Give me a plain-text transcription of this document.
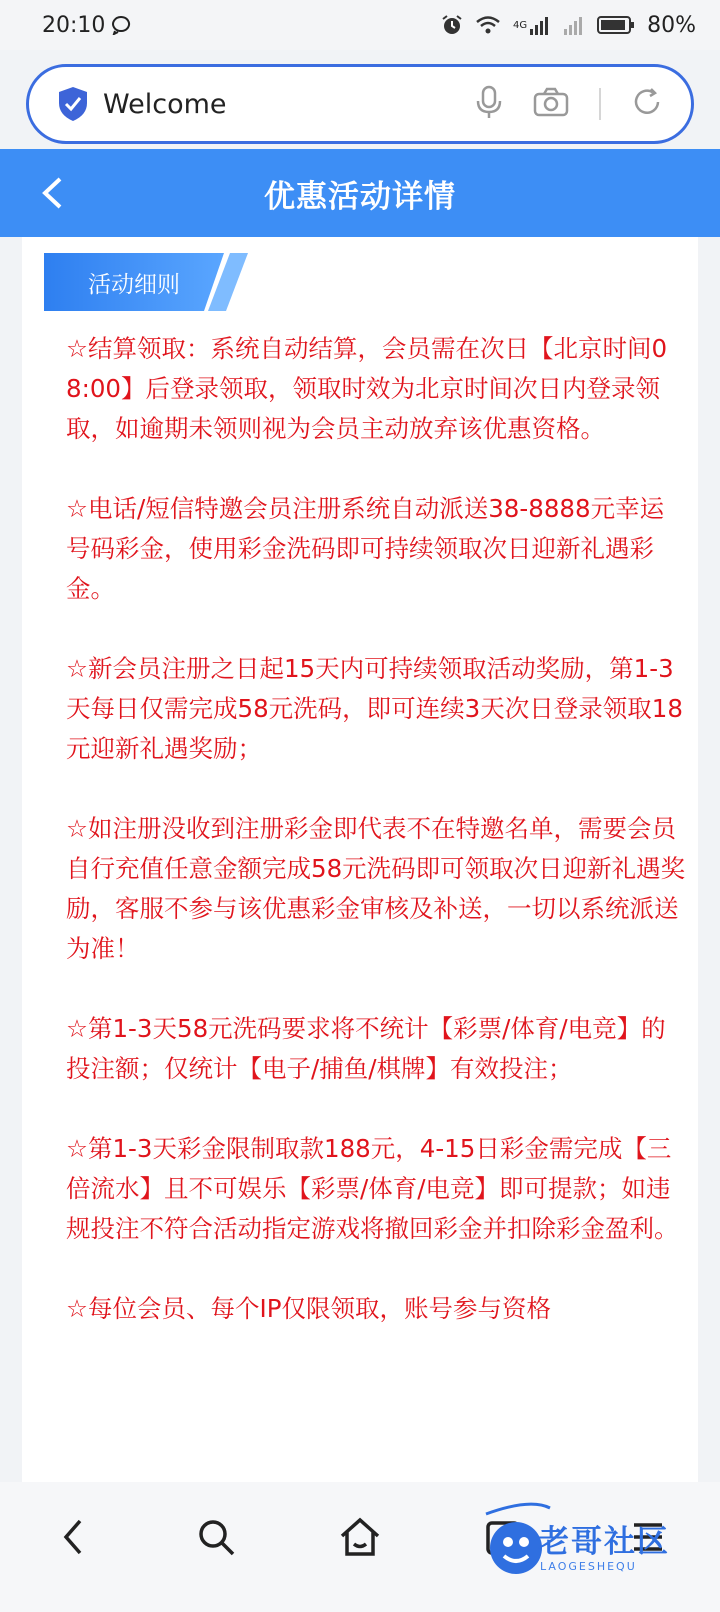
20:10	4G	80%
Welcome
优惠活动详情
活动细则

☆结算领取：系统自动结算，会员需在次日【北京时间08:00】后登录领取，领取时效为北京时间次日内登录领取，如逾期未领则视为会员主动放弃该优惠资格。

☆电话/短信特邀会员注册系统自动派送38-8888元幸运号码彩金，使用彩金洗码即可持续领取次日迎新礼遇彩金。

☆新会员注册之日起15天内可持续领取活动奖励，第1-3天每日仅需完成58元洗码，即可连续3天次日登录领取18元迎新礼遇奖励；

☆如注册没收到注册彩金即代表不在特邀名单，需要会员自行充值任意金额完成58元洗码即可领取次日迎新礼遇奖励，客服不参与该优惠彩金审核及补送，一切以系统派送为准！

☆第1-3天58元洗码要求将不统计【彩票/体育/电竞】的投注额；仅统计【电子/捕鱼/棋牌】有效投注；

☆第1-3天彩金限制取款188元，4-15日彩金需完成【三倍流水】且不可娱乐【彩票/体育/电竞】即可提款；如违规投注不符合活动指定游戏将撤回彩金并扣除彩金盈利。

☆每位会员、每个IP仅限领取，账号参与资格

老哥社区
LAOGESHEQU
